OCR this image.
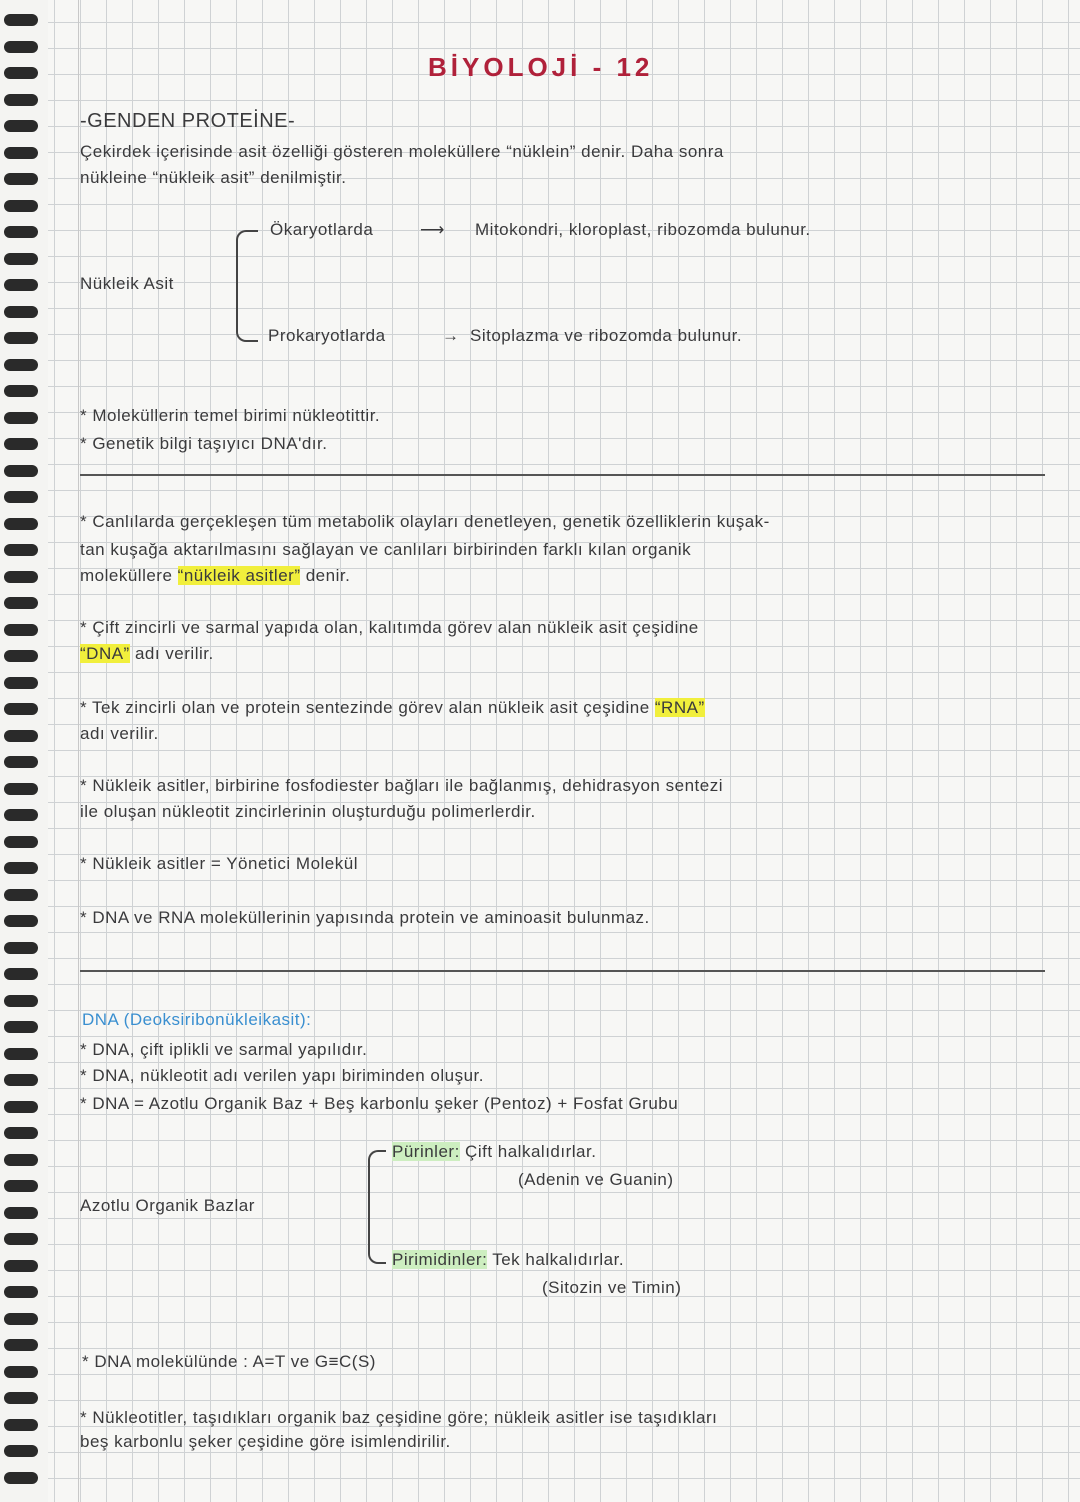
BİYOLOJİ - 12
-GENDEN PROTEİNE-
Çekirdek içerisinde asit özelliği gösteren moleküllere “nüklein” denir. Daha sonra
nükleine “nükleik asit” denilmiştir.
Nükleik Asit
Ökaryotlarda	⟶ Mitokondri, kloroplast, ribozomda bulunur.
Prokaryotlarda	→ Sitoplazma ve ribozomda bulunur.
* Moleküllerin temel birimi nükleotittir.
* Genetik bilgi taşıyıcı DNA'dır.
* Canlılarda gerçekleşen tüm metabolik olayları denetleyen, genetik özelliklerin kuşak-
tan kuşağa aktarılmasını sağlayan ve canlıları birbirinden farklı kılan organik
moleküllere “nükleik asitler” denir.
* Çift zincirli ve sarmal yapıda olan, kalıtımda görev alan nükleik asit çeşidine
“DNA” adı verilir.
* Tek zincirli olan ve protein sentezinde görev alan nükleik asit çeşidine “RNA”
adı verilir.
* Nükleik asitler, birbirine fosfodiester bağları ile bağlanmış, dehidrasyon sentezi
ile oluşan nükleotit zincirlerinin oluşturduğu polimerlerdir.
* Nükleik asitler = Yönetici Molekül
* DNA ve RNA moleküllerinin yapısında protein ve aminoasit bulunmaz.
DNA (Deoksiribonükleikasit):
* DNA, çift iplikli ve sarmal yapılıdır.
* DNA, nükleotit adı verilen yapı biriminden oluşur.
* DNA = Azotlu Organik Baz + Beş karbonlu şeker (Pentoz) + Fosfat Grubu
Azotlu Organik Bazlar
Pürinler: Çift halkalıdırlar.
(Adenin ve Guanin)
Pirimidinler: Tek halkalıdırlar.
(Sitozin ve Timin)
* DNA molekülünde : A=T ve G≡C(S)
* Nükleotitler, taşıdıkları organik baz çeşidine göre; nükleik asitler ise taşıdıkları
beş karbonlu şeker çeşidine göre isimlendirilir.
